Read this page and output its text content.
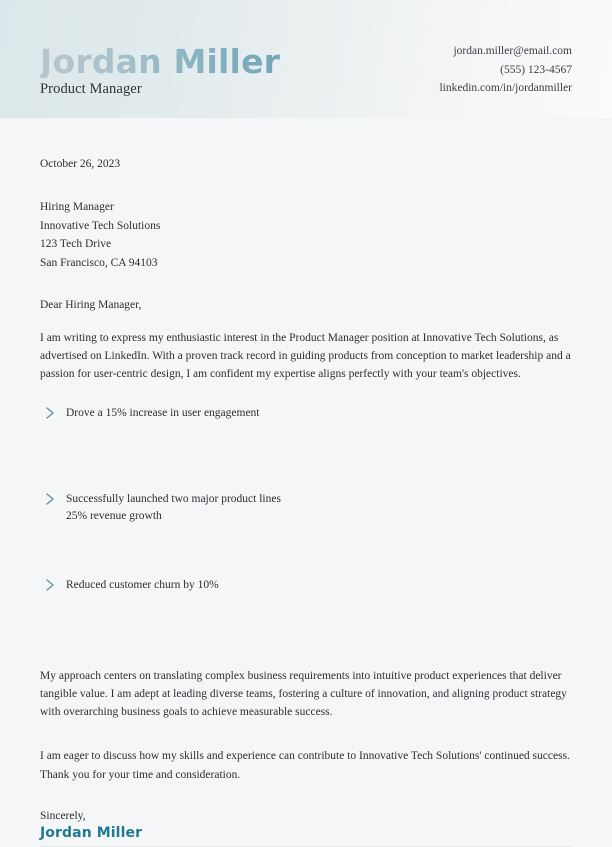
Jordan Miller
Product Manager
jordan.miller@email.com
(555) 123-4567
linkedin.com/in/jordanmiller
October 26, 2023
Hiring Manager
Innovative Tech Solutions
123 Tech Drive
San Francisco, CA 94103
Dear Hiring Manager,
I am writing to express my enthusiastic interest in the Product Manager position at Innovative Tech Solutions, as advertised on LinkedIn. With a proven track record in guiding products from conception to market leadership and a passion for user-centric design, I am confident my expertise aligns perfectly with your team's objectives.
Drove a 15% increase in user engagement
Successfully launched two major product lines
25% revenue growth
Reduced customer churn by 10%
My approach centers on translating complex business requirements into intuitive product experiences that deliver tangible value. I am adept at leading diverse teams, fostering a culture of innovation, and aligning product strategy with overarching business goals to achieve measurable success.
I am eager to discuss how my skills and experience can contribute to Innovative Tech Solutions' continued success. Thank you for your time and consideration.
Sincerely,
Jordan Miller
